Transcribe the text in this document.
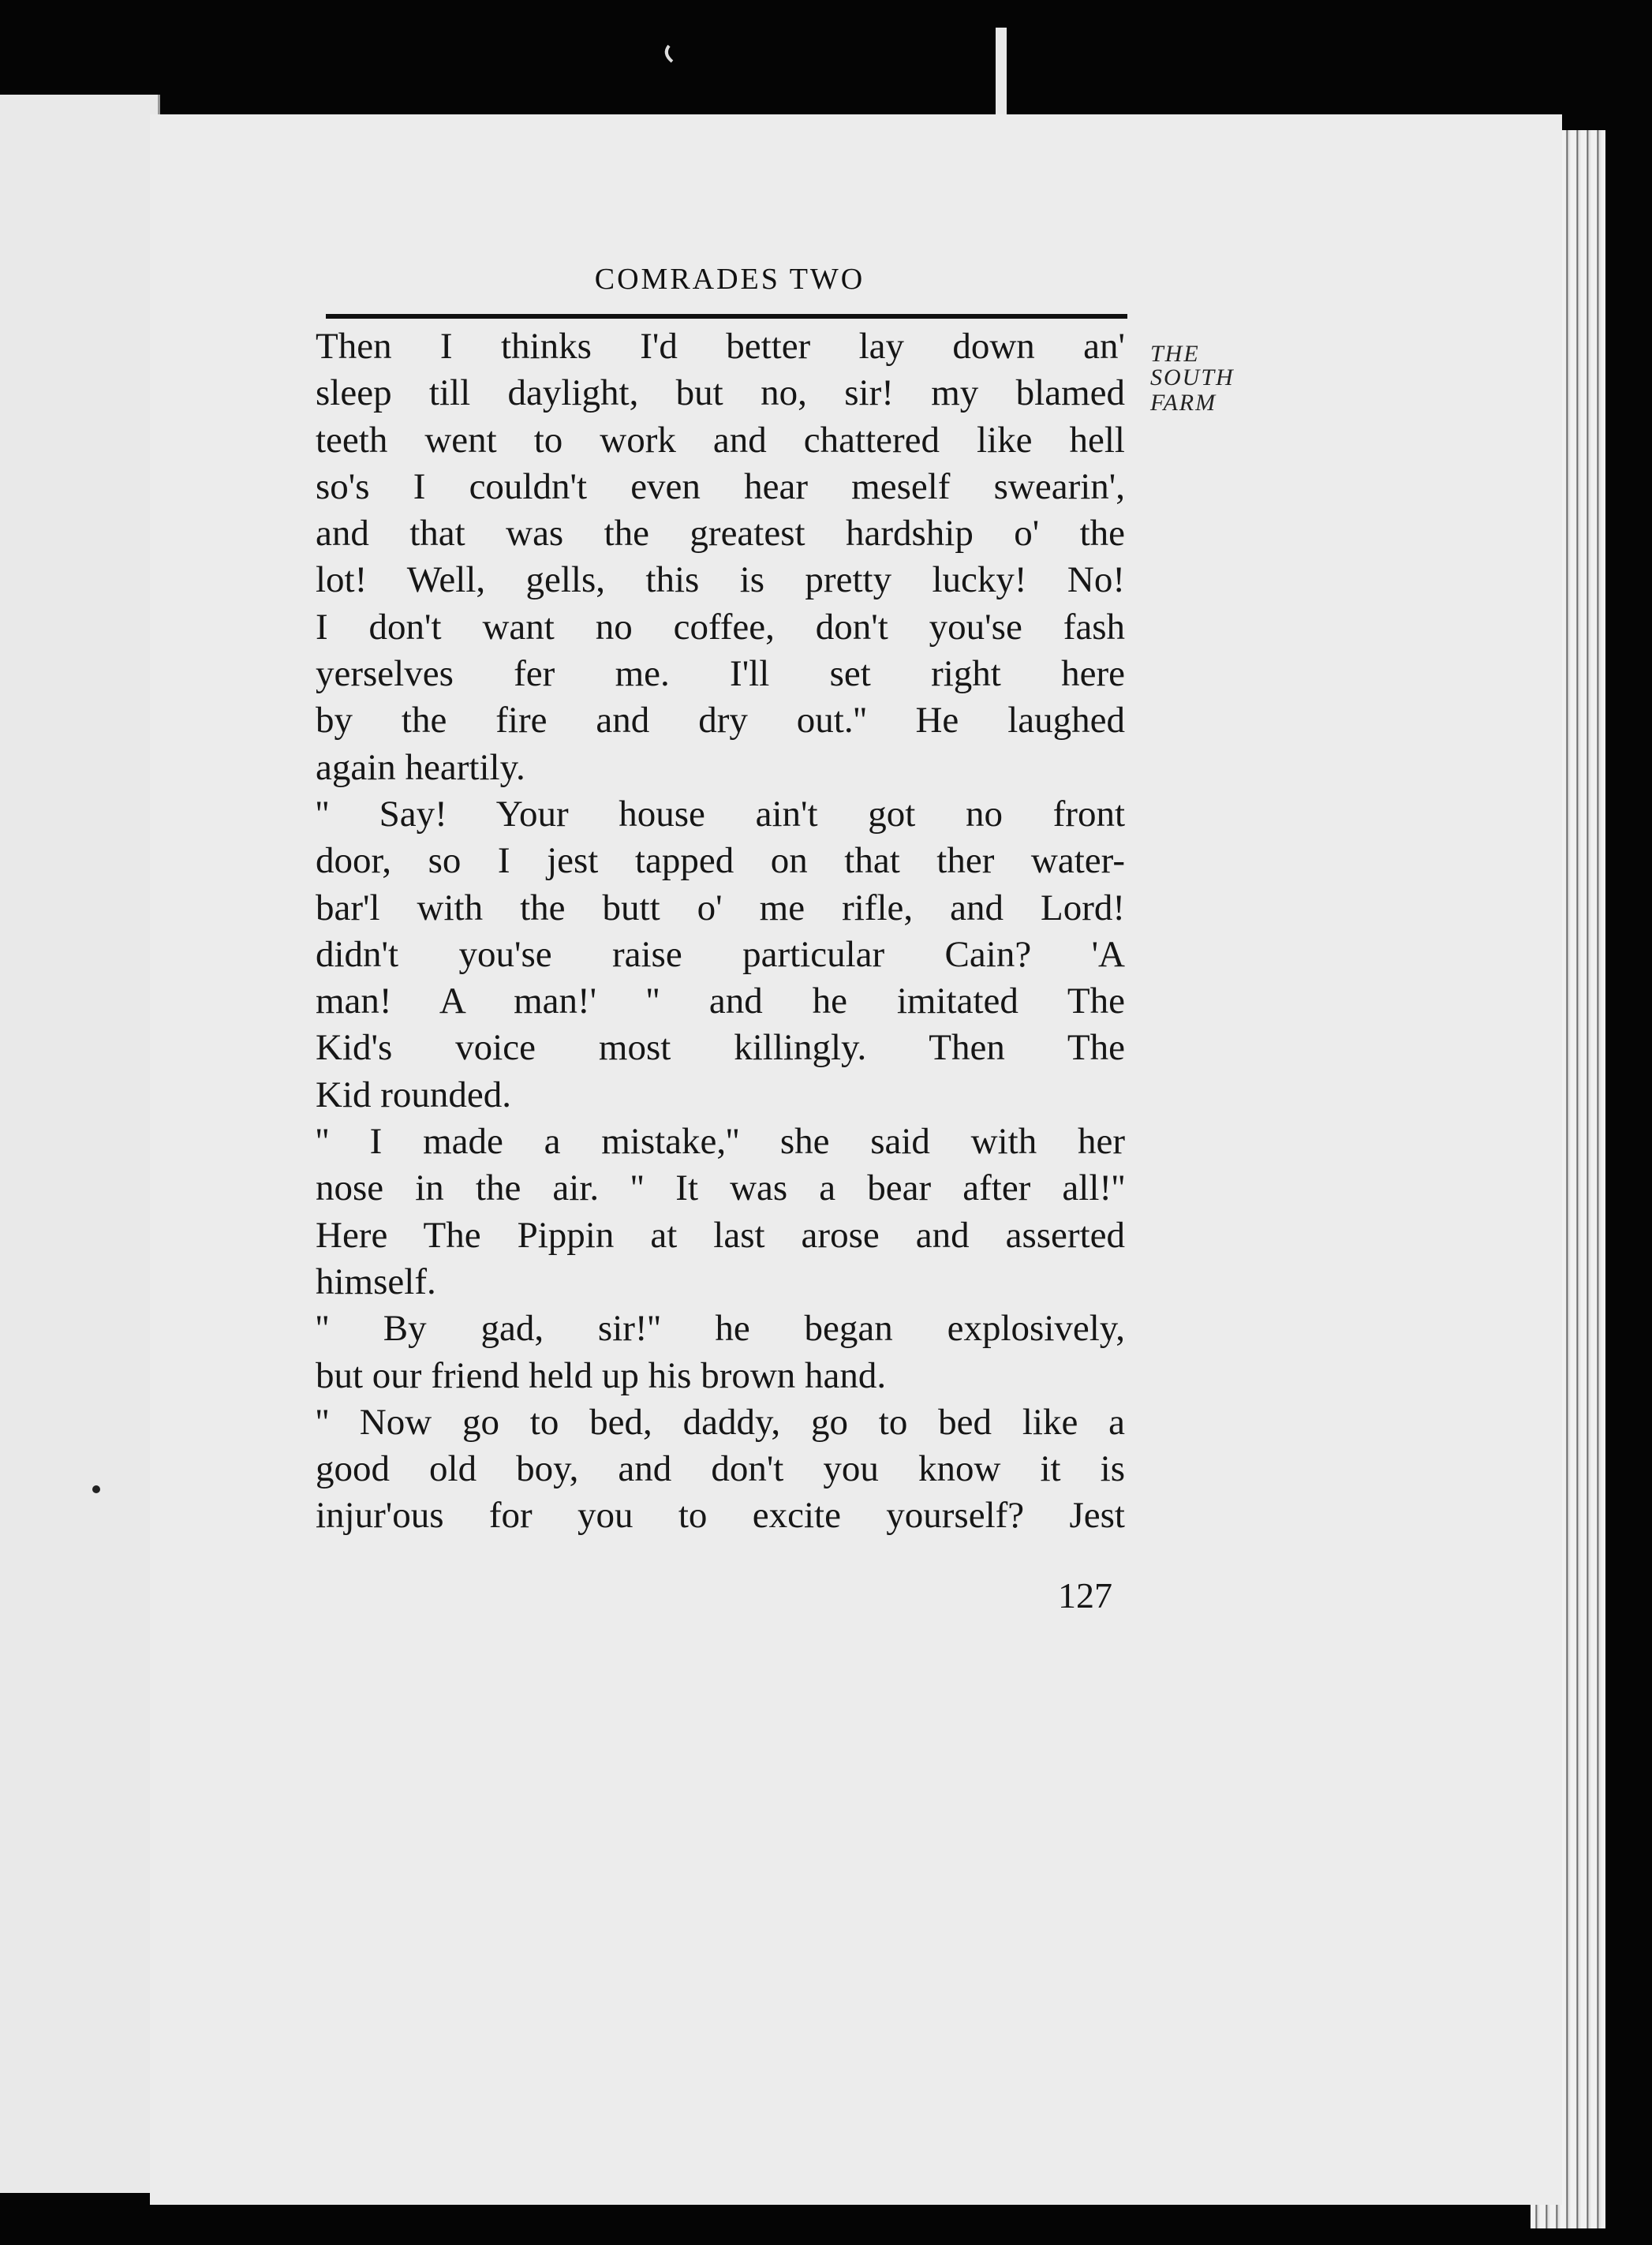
COMRADES TWO
THE
SOUTH
FARM
Then I thinks I'd better lay down an'
sleep till daylight, but no, sir! my blamed
teeth went to work and chattered like hell
so's I couldn't even hear meself swearin',
and that was the greatest hardship o' the
lot! Well, gells, this is pretty lucky! No!
I don't want no coffee, don't you'se fash
yerselves fer me. I'll set right here
by the fire and dry out.'' He laughed
again heartily.
'' Say! Your house ain't got no front
door, so I jest tapped on that ther water-
bar'l with the butt o' me rifle, and Lord!
didn't you'se raise particular Cain? 'A
man! A man!' '' and he imitated The
Kid's voice most killingly. Then The
Kid rounded.
'' I made a mistake,'' she said with her
nose in the air. '' It was a bear after all!''
Here The Pippin at last arose and asserted
himself.
'' By gad, sir!'' he began explosively,
but our friend held up his brown hand.
'' Now go to bed, daddy, go to bed like a
good old boy, and don't you know it is
injur'ous for you to excite yourself? Jest
127
